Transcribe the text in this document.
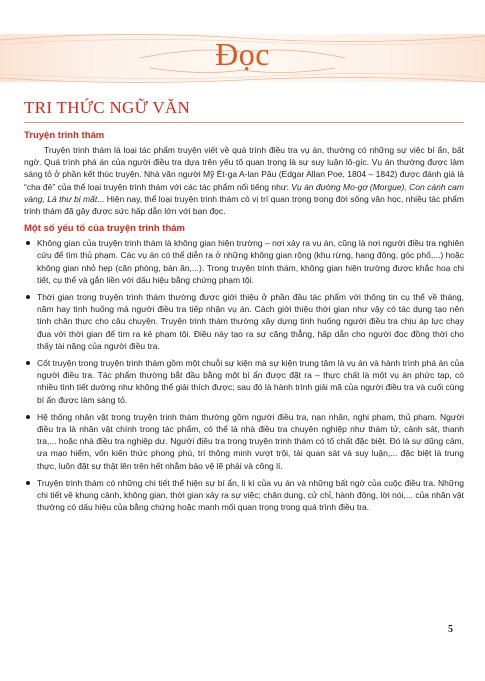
Đọc
TRI THỨC NGỮ VĂN
Truyện trinh thám

Truyện trinh thám là loại tác phẩm truyện viết về quá trình điều tra vụ án, thường có những sự việc bí ẩn, bất ngờ. Quá trình phá án của người điều tra dựa trên yếu tố quan trọng là sự suy luận lô-gíc. Vụ án thường được làm sáng tỏ ở phần kết thúc truyện. Nhà văn người Mỹ Ét-ga A-lan Pâu (Edgar Allan Poe, 1804 – 1842) được đánh giá là “cha đẻ” của thể loại truyện trinh thám với các tác phẩm nổi tiếng như: Vụ án đường Mo-gơ (Morgue), Con cánh cam vàng, Lá thư bị mất... Hiện nay, thể loại truyện trinh thám có vị trí quan trọng trong đời sống văn học, nhiều tác phẩm trinh thám đã gây được sức hấp dẫn lớn với bạn đọc.

Một số yếu tố của truyện trinh thám
Không gian của truyện trinh thám là không gian hiện trường – nơi xảy ra vụ án, cũng là nơi người điều tra nghiên cứu để tìm thủ phạm. Các vụ án có thể diễn ra ở những không gian rộng (khu rừng, hang động, góc phố,...) hoặc không gian nhỏ hẹp (căn phòng, bàn ăn,...). Trong truyện trinh thám, không gian hiện trường được khắc hoạ chi tiết, cụ thể và gắn liền với dấu hiệu bằng chứng phạm tội.
Thời gian trong truyện trinh thám thường được giới thiệu ở phần đầu tác phẩm với thông tin cụ thể về tháng, năm hay tình huống mà người điều tra tiếp nhận vụ án. Cách giới thiệu thời gian như vậy có tác dụng tạo nên tính chân thực cho câu chuyện. Truyện trinh thám thường xây dựng tình huống người điều tra chịu áp lực chạy đua với thời gian để tìm ra kẻ phạm tội. Điều này tạo ra sự căng thẳng, hấp dẫn cho người đọc đồng thời cho thấy tài năng của người điều tra.
Cốt truyện trong truyện trinh thám gồm một chuỗi sự kiện mà sự kiện trung tâm là vụ án và hành trình phá án của người điều tra. Tác phẩm thường bắt đầu bằng một bí ẩn được đặt ra – thực chất là một vụ án phức tạp, có nhiều tình tiết dường như không thể giải thích được; sau đó là hành trình giải mã của người điều tra và cuối cùng bí ẩn được làm sáng tỏ.
Hệ thống nhân vật trong truyện trinh thám thường gồm người điều tra, nạn nhân, nghi phạm, thủ phạm. Người điều tra là nhân vật chính trong tác phẩm, có thể là nhà điều tra chuyên nghiệp như thám tử, cảnh sát, thanh tra,... hoặc nhà điều tra nghiệp dư. Người điều tra trong truyện trinh thám có tố chất đặc biệt. Đó là sự dũng cảm, ưa mạo hiểm, vốn kiến thức phong phú, trí thông minh vượt trội, tài quan sát và suy luận,... đặc biệt là trung thực, luôn đặt sự thật lên trên hết nhằm bảo vệ lẽ phải và công lí.
Truyện trinh thám có những chi tiết thể hiện sự bí ẩn, li kì của vụ án và những bất ngờ của cuộc điều tra. Những chi tiết về khung cảnh, không gian, thời gian xảy ra sự việc; chân dung, cử chỉ, hành động, lời nói,... của nhân vật thường có dấu hiệu của bằng chứng hoặc manh mối quan trọng trong quá trình điều tra.
5
